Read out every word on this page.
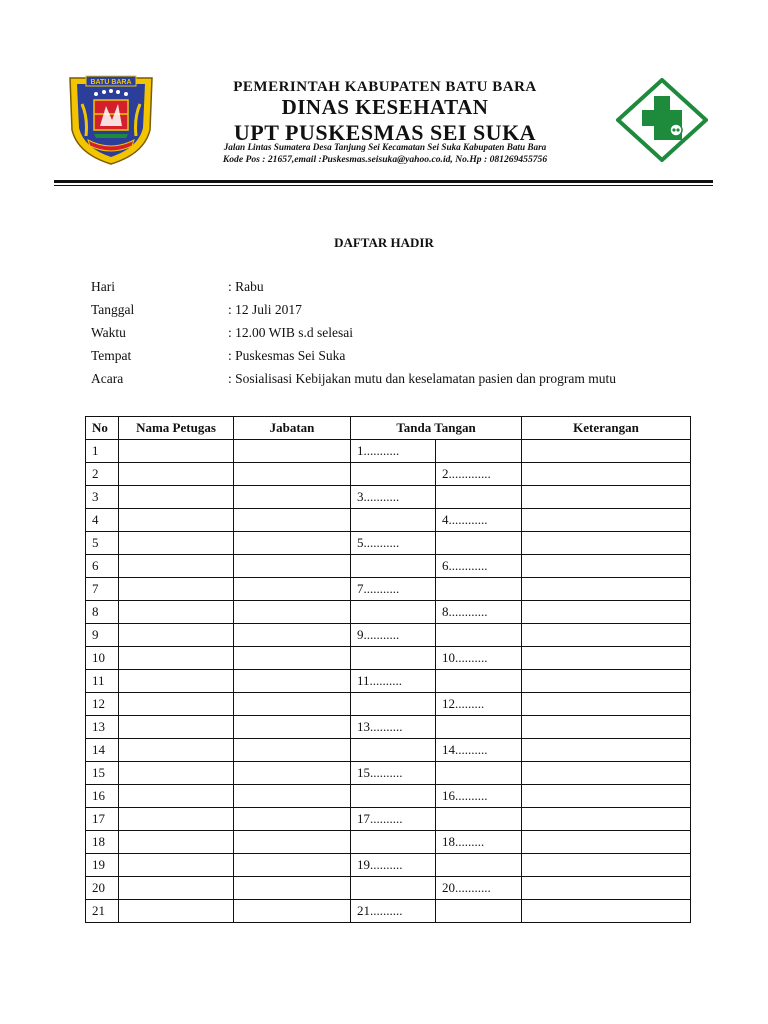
BATU BARA	PEMERINTAH KABUPATEN BATU BARA
DINAS KESEHATAN
UPT PUSKESMAS SEI SUKA
Jalan Lintas Sumatera Desa Tanjung Sei Kecamatan Sei Suka Kabupaten Batu Bara
Kode Pos : 21657,email :Puskesmas.seisuka@yahoo.co.id, No.Hp : 081269455756
DAFTAR HADIR
Hari	: Rabu
Tanggal	: 12 Juli 2017
Waktu	: 12.00 WIB s.d selesai
Tempat	: Puskesmas Sei Suka
Acara	: Sosialisasi Kebijakan mutu dan keselamatan pasien dan program mutu
No	Nama Petugas	Jabatan	Tanda Tangan		Keterangan
1			1...........		
2				2.............	
3			3...........		
4				4............	
5			5...........		
6				6............	
7			7...........		
8				8............	
9			9...........		
10				10..........	
11			11..........		
12				12.........	
13			13..........		
14				14..........	
15			15..........		
16				16..........	
17			17..........		
18				18.........	
19			19..........		
20				20...........	
21			21..........		
